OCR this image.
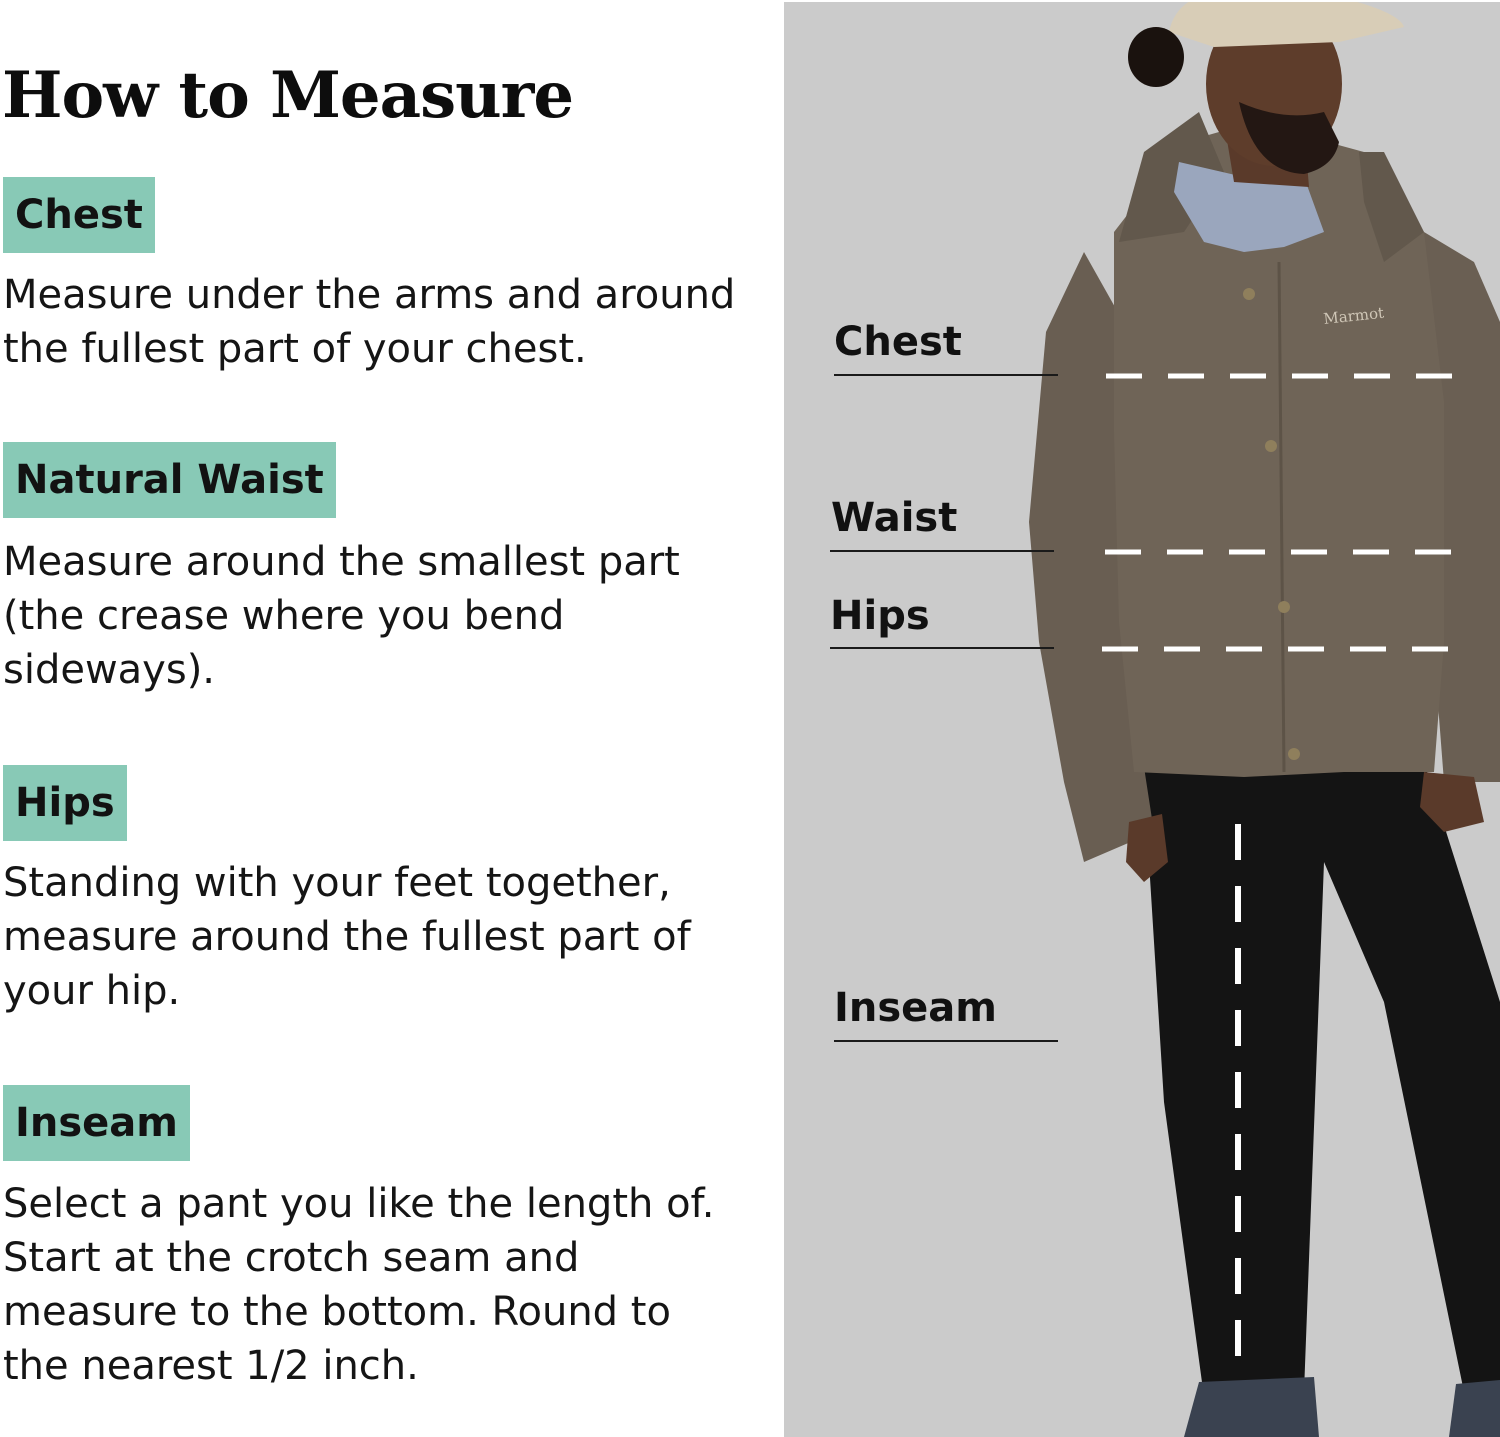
How to Measure
Chest

Measure under the arms and around
the fullest part of your chest.

Natural Waist

Measure around the smallest part
(the crease where you bend
sideways).

Hips

Standing with your feet together,
measure around the fullest part of
your hip.

Inseam

Select a pant you like the length of.
Start at the crotch seam and
measure to the bottom. Round to
the nearest 1/2 inch.

Marmot
Chest
Waist
Hips
Inseam
